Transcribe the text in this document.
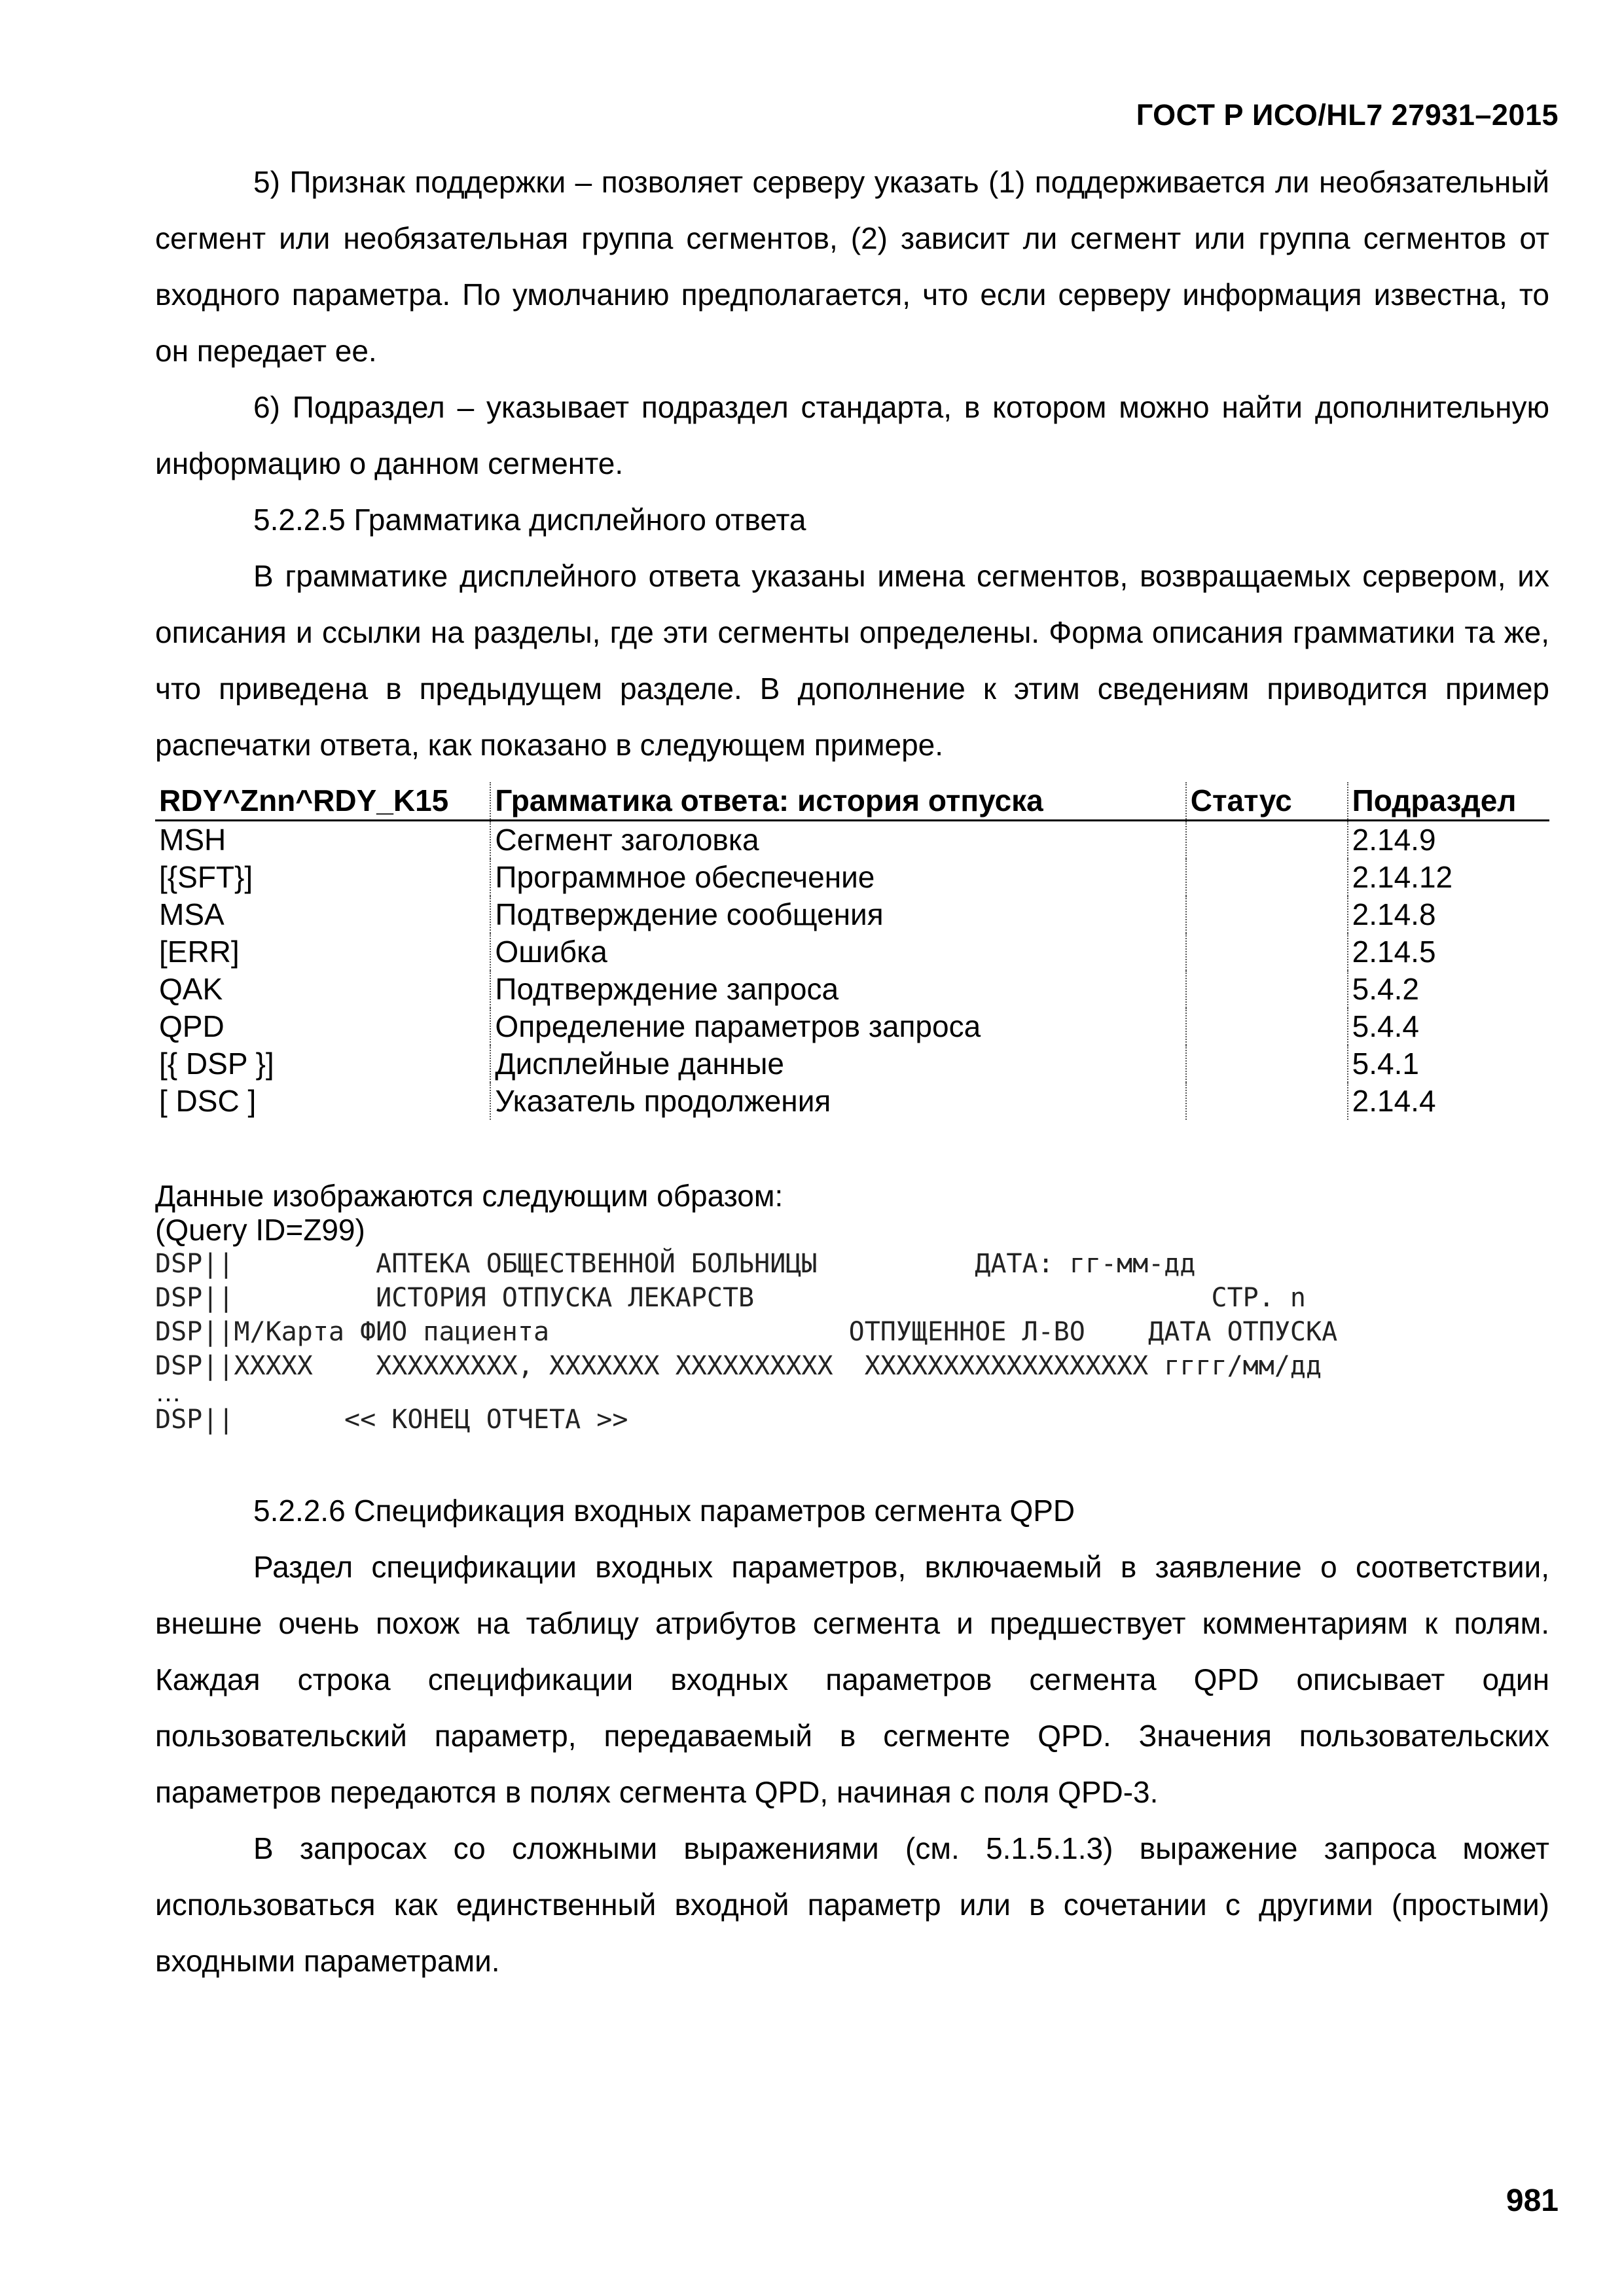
ГОСТ Р ИСО/HL7 27931–2015

5) Признак поддержки – позволяет серверу указать (1) поддерживается ли необязательный сегмент или необязательная группа сегментов, (2) зависит ли сегмент или группа сегментов от входного параметра. По умолчанию предполагается, что если серверу информация известна, то он передает ее.

6) Подраздел – указывает подраздел стандарта, в котором можно найти дополнительную информацию о данном сегменте.

5.2.2.5 Грамматика дисплейного ответа

В грамматике дисплейного ответа указаны имена сегментов, возвращаемых сервером, их описания и ссылки на разделы, где эти сегменты определены. Форма описания грамматики та же, что приведена в предыдущем разделе. В дополнение к этим сведениям приводится пример распечатки ответа, как показано в следующем примере.

RDY^Znn^RDY_K15	Грамматика ответа: история отпуска	Статус	Подраздел
MSH	Сегмент заголовка		2.14.9
[{SFT}]	Программное обеспечение		2.14.12
MSA	Подтверждение сообщения		2.14.8
[ERR]	Ошибка		2.14.5
QAK	Подтверждение запроса		5.4.2
QPD	Определение параметров запроса		5.4.4
[{ DSP }]	Дисплейные данные		5.4.1
[ DSC ]	Указатель продолжения		2.14.4

Данные изображаются следующим образом:

(Query ID=Z99)

DSP||         АПТЕКА ОБЩЕСТВЕННОЙ БОЛЬНИЦЫ          ДАТА: гг-мм-дд

DSP||         ИСТОРИЯ ОТПУСКА ЛЕКАРСТВ                             СТР. n

DSP||М/Карта ФИО пациента                   ОТПУЩЕННОЕ Л-ВО    ДАТА ОТПУСКА

DSP||XXXXX    XXXXXXXXX, XXXXXXX XXXXXXXXXX  XXXXXXXXXXXXXXXXXX гггг/мм/дд

…

DSP||       << КОНЕЦ ОТЧЕТА >>

5.2.2.6 Спецификация входных параметров сегмента QPD

Раздел спецификации входных параметров, включаемый в заявление о соответствии, внешне очень похож на таблицу атрибутов сегмента и предшествует комментариям к полям. Каждая строка спецификации входных параметров сегмента QPD описывает один пользовательский параметр, передаваемый в сегменте QPD. Значения пользовательских параметров передаются в полях сегмента QPD, начиная с поля QPD-3.

В запросах со сложными выражениями (см. 5.1.5.1.3) выражение запроса может использоваться как единственный входной параметр или в сочетании с другими (простыми) входными параметрами.

981
